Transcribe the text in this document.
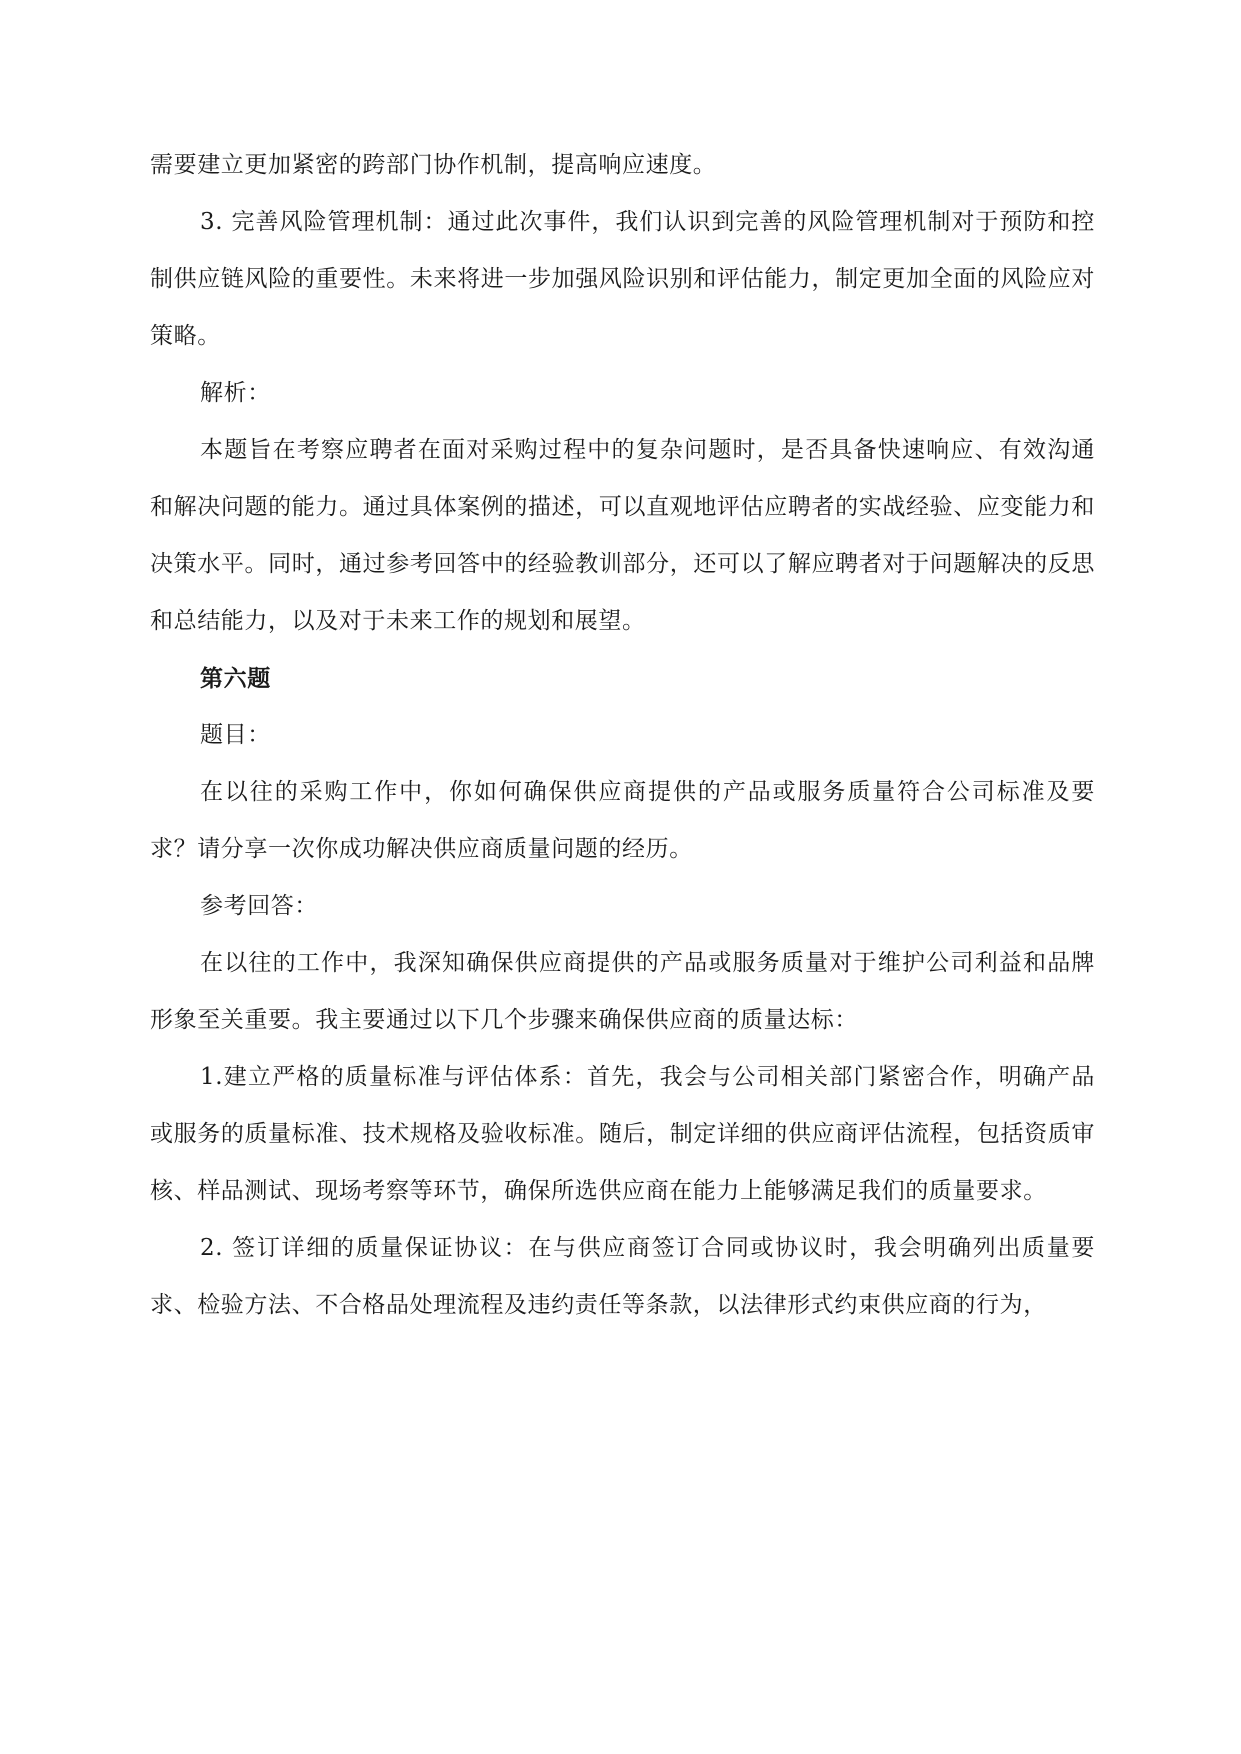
需要建立更加紧密的跨部门协作机制，提高响应速度。

3. 完善风险管理机制：通过此次事件，我们认识到完善的风险管理机制对于预防和控制供应链风险的重要性。未来将进一步加强风险识别和评估能力，制定更加全面的风险应对策略。

解析：

本题旨在考察应聘者在面对采购过程中的复杂问题时，是否具备快速响应、有效沟通和解决问题的能力。通过具体案例的描述，可以直观地评估应聘者的实战经验、应变能力和决策水平。同时，通过参考回答中的经验教训部分，还可以了解应聘者对于问题解决的反思和总结能力，以及对于未来工作的规划和展望。

第六题

题目：

在以往的采购工作中，你如何确保供应商提供的产品或服务质量符合公司标准及要求？请分享一次你成功解决供应商质量问题的经历。

参考回答：

在以往的工作中，我深知确保供应商提供的产品或服务质量对于维护公司利益和品牌形象至关重要。我主要通过以下几个步骤来确保供应商的质量达标：

1.建立严格的质量标准与评估体系：首先，我会与公司相关部门紧密合作，明确产品或服务的质量标准、技术规格及验收标准。随后，制定详细的供应商评估流程，包括资质审核、样品测试、现场考察等环节，确保所选供应商在能力上能够满足我们的质量要求。

2. 签订详细的质量保证协议：在与供应商签订合同或协议时，我会明确列出质量要求、检验方法、不合格品处理流程及违约责任等条款，以法律形式约束供应商的行为，
